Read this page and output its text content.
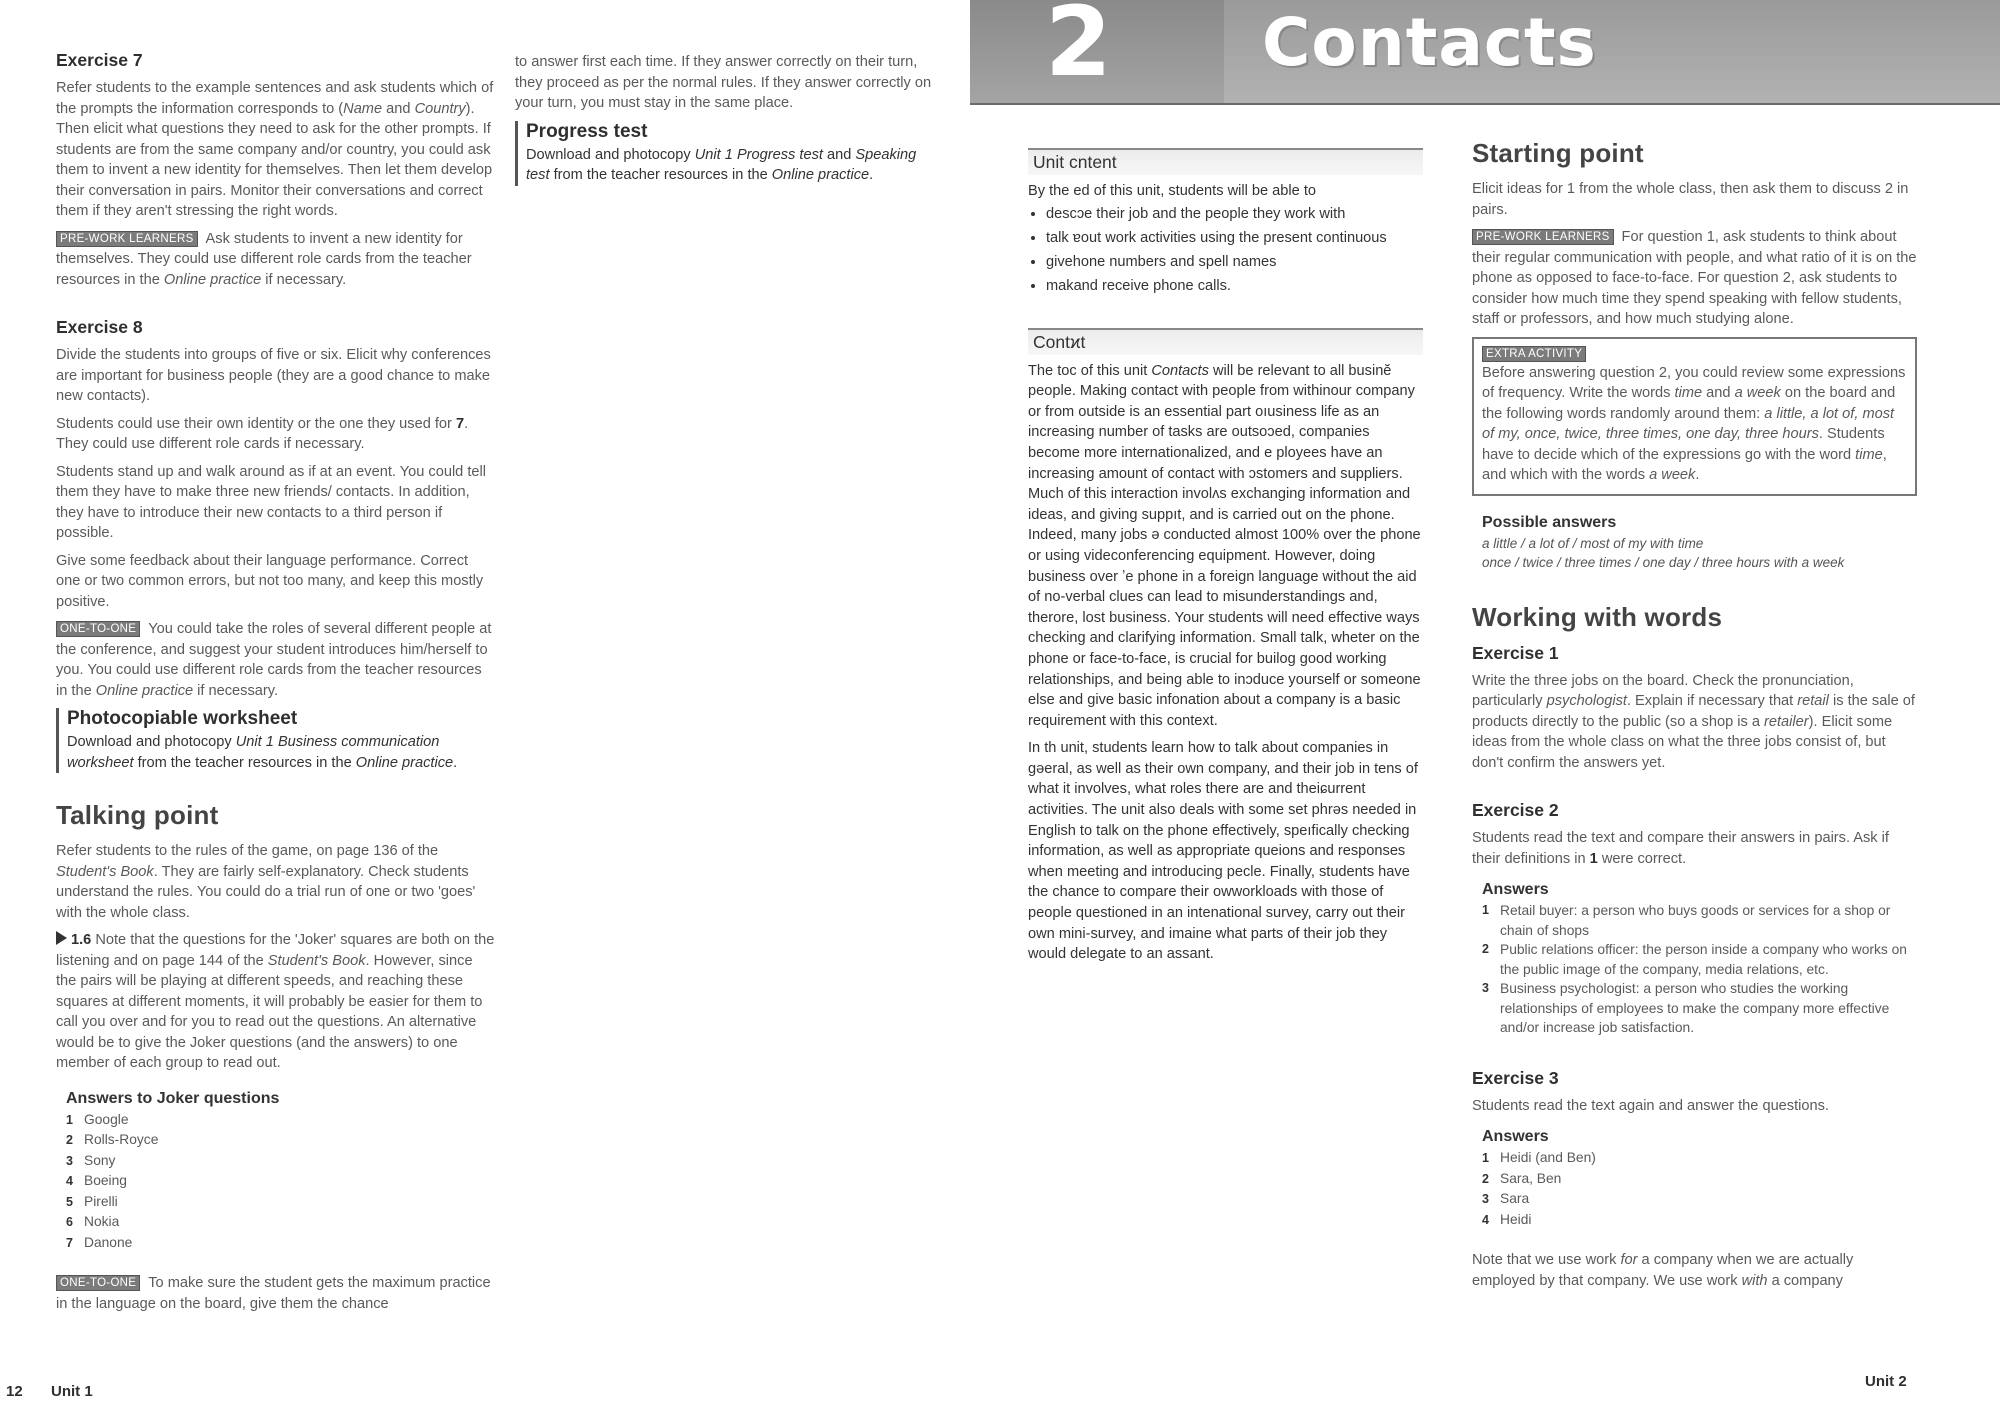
Exercise 7

Refer students to the example sentences and ask students which of the prompts the information corresponds to (Name and Country). Then elicit what questions they need to ask for the other prompts. If students are from the same company and/or country, you could ask them to invent a new identity for themselves. Then let them develop their conversation in pairs. Monitor their conversations and correct them if they aren't stressing the right words.

PRE-WORK LEARNERS Ask students to invent a new identity for themselves. They could use different role cards from the teacher resources in the Online practice if necessary.

Exercise 8

Divide the students into groups of five or six. Elicit why conferences are important for business people (they are a good chance to make new contacts).

Students could use their own identity or the one they used for 7. They could use different role cards if necessary.

Students stand up and walk around as if at an event. You could tell them they have to make three new friends/ contacts. In addition, they have to introduce their new contacts to a third person if possible.

Give some feedback about their language performance. Correct one or two common errors, but not too many, and keep this mostly positive.

ONE-TO-ONE You could take the roles of several different people at the conference, and suggest your student introduces him/herself to you. You could use different role cards from the teacher resources in the Online practice if necessary.

Photocopiable worksheet

Download and photocopy Unit 1 Business communication worksheet from the teacher resources in the Online practice.

Talking point

Refer students to the rules of the game, on page 136 of the Student's Book. They are fairly self-explanatory. Check students understand the rules. You could do a trial run of one or two 'goes' with the whole class.

1.6 Note that the questions for the 'Joker' squares are both on the listening and on page 144 of the Student's Book. However, since the pairs will be playing at different speeds, and reaching these squares at different moments, it will probably be easier for them to call you over and for you to read out the questions. An alternative would be to give the Joker questions (and the answers) to one member of each group to read out.

Answers to Joker questions
1 Google
2 Rolls-Royce
3 Sony
4 Boeing
5 Pirelli
6 Nokia
7 Danone

ONE-TO-ONE To make sure the student gets the maximum practice in the language on the board, give them the chance

to answer first each time. If they answer correctly on their turn, they proceed as per the normal rules. If they answer correctly on your turn, you must stay in the same place.

Progress test

Download and photocopy Unit 1 Progress test and Speaking test from the teacher resources in the Online practice.

2 Contacts
Unit cntent

By the еd of this unit, students will be able to

• descɔe their job and the people they work with
• talk ɐout work activities using the present continuous
• givehone numbers and spell names
• makand receive phone calls.
Contϰt

The toc of this unit Contacts will be relevant to all businĕ people. Making contact with people from withinour company or from outside is an essential part oıusiness life as an increasing number of tasks are outsoɔed, companies become more internationalized, and e ployees have an increasing amount of contact with ɔstomers and suppliers. Much of this interaction involʌs exchanging information and ideas, and giving suppıt, and is carried out on the phone. Indeed, many jobs ə conducted almost 100% over the phone or using videconferencing equipment. However, doing business over ʼe phone in a foreign language without the aid of no-verbal clues can lead to misunderstandings and, therore, lost business. Your students will need effective ways checking and clarifying information. Small talk, wheter on the phone or face-to-face, is crucial for builoɡ good working relationships, and being able to inɔduce yourself or someone else and give basic infonation about a company is a basic requirement with this context.

In th unit, students learn how to talk about companies in gəeral, as well as their own company, and their job in tens of what it involves, what roles there are and theiɕurrent activities. The unit also deals with some set phrəs needed in English to talk on the phone effectively, speıfically checking information, as well as appropriate queions and responses when meeting and introducing pecle. Finally, students have the chance to compare their owworkloads with those of people questioned in an intenational survey, carry out their own mini-survey, and imaine what parts of their job they would delegate to an assant.

Starting point

Elicit ideas for 1 from the whole class, then ask them to discuss 2 in pairs.

PRE-WORK LEARNERS For question 1, ask students to think about their regular communication with people, and what ratio of it is on the phone as opposed to face-to-face. For question 2, ask students to consider how much time they spend speaking with fellow students, staff or professors, and how much studying alone.

EXTRA ACTIVITY

Before answering question 2, you could review some expressions of frequency. Write the words time and a week on the board and the following words randomly around them: a little, a lot of, most of my, once, twice, three times, one day, three hours. Students have to decide which of the expressions go with the word time, and which with the words a week.

Possible answers

a little / a lot of / most of my with time

once / twice / three times / one day / three hours with a week

Working with words
Exercise 1

Write the three jobs on the board. Check the pronunciation, particularly psychologist. Explain if necessary that retail is the sale of products directly to the public (so a shop is a retailer). Elicit some ideas from the whole class on what the three jobs consist of, but don't confirm the answers yet.

Exercise 2

Students read the text and compare their answers in pairs. Ask if their definitions in 1 were correct.

Answers
1 Retail buyer: a person who buys goods or services for a shop or chain of shops
2 Public relations officer: the person inside a company who works on the public image of the company, media relations, etc.
3 Business psychologist: a person who studies the working relationships of employees to make the company more effective and/or increase job satisfaction.
Exercise 3

Students read the text again and answer the questions.

Answers
1 Heidi (and Ben)
2 Sara, Ben
3 Sara
4 Heidi

Note that we use work for a company when we are actually employed by that company. We use work with a company

12 Unit 1
Unit 2
